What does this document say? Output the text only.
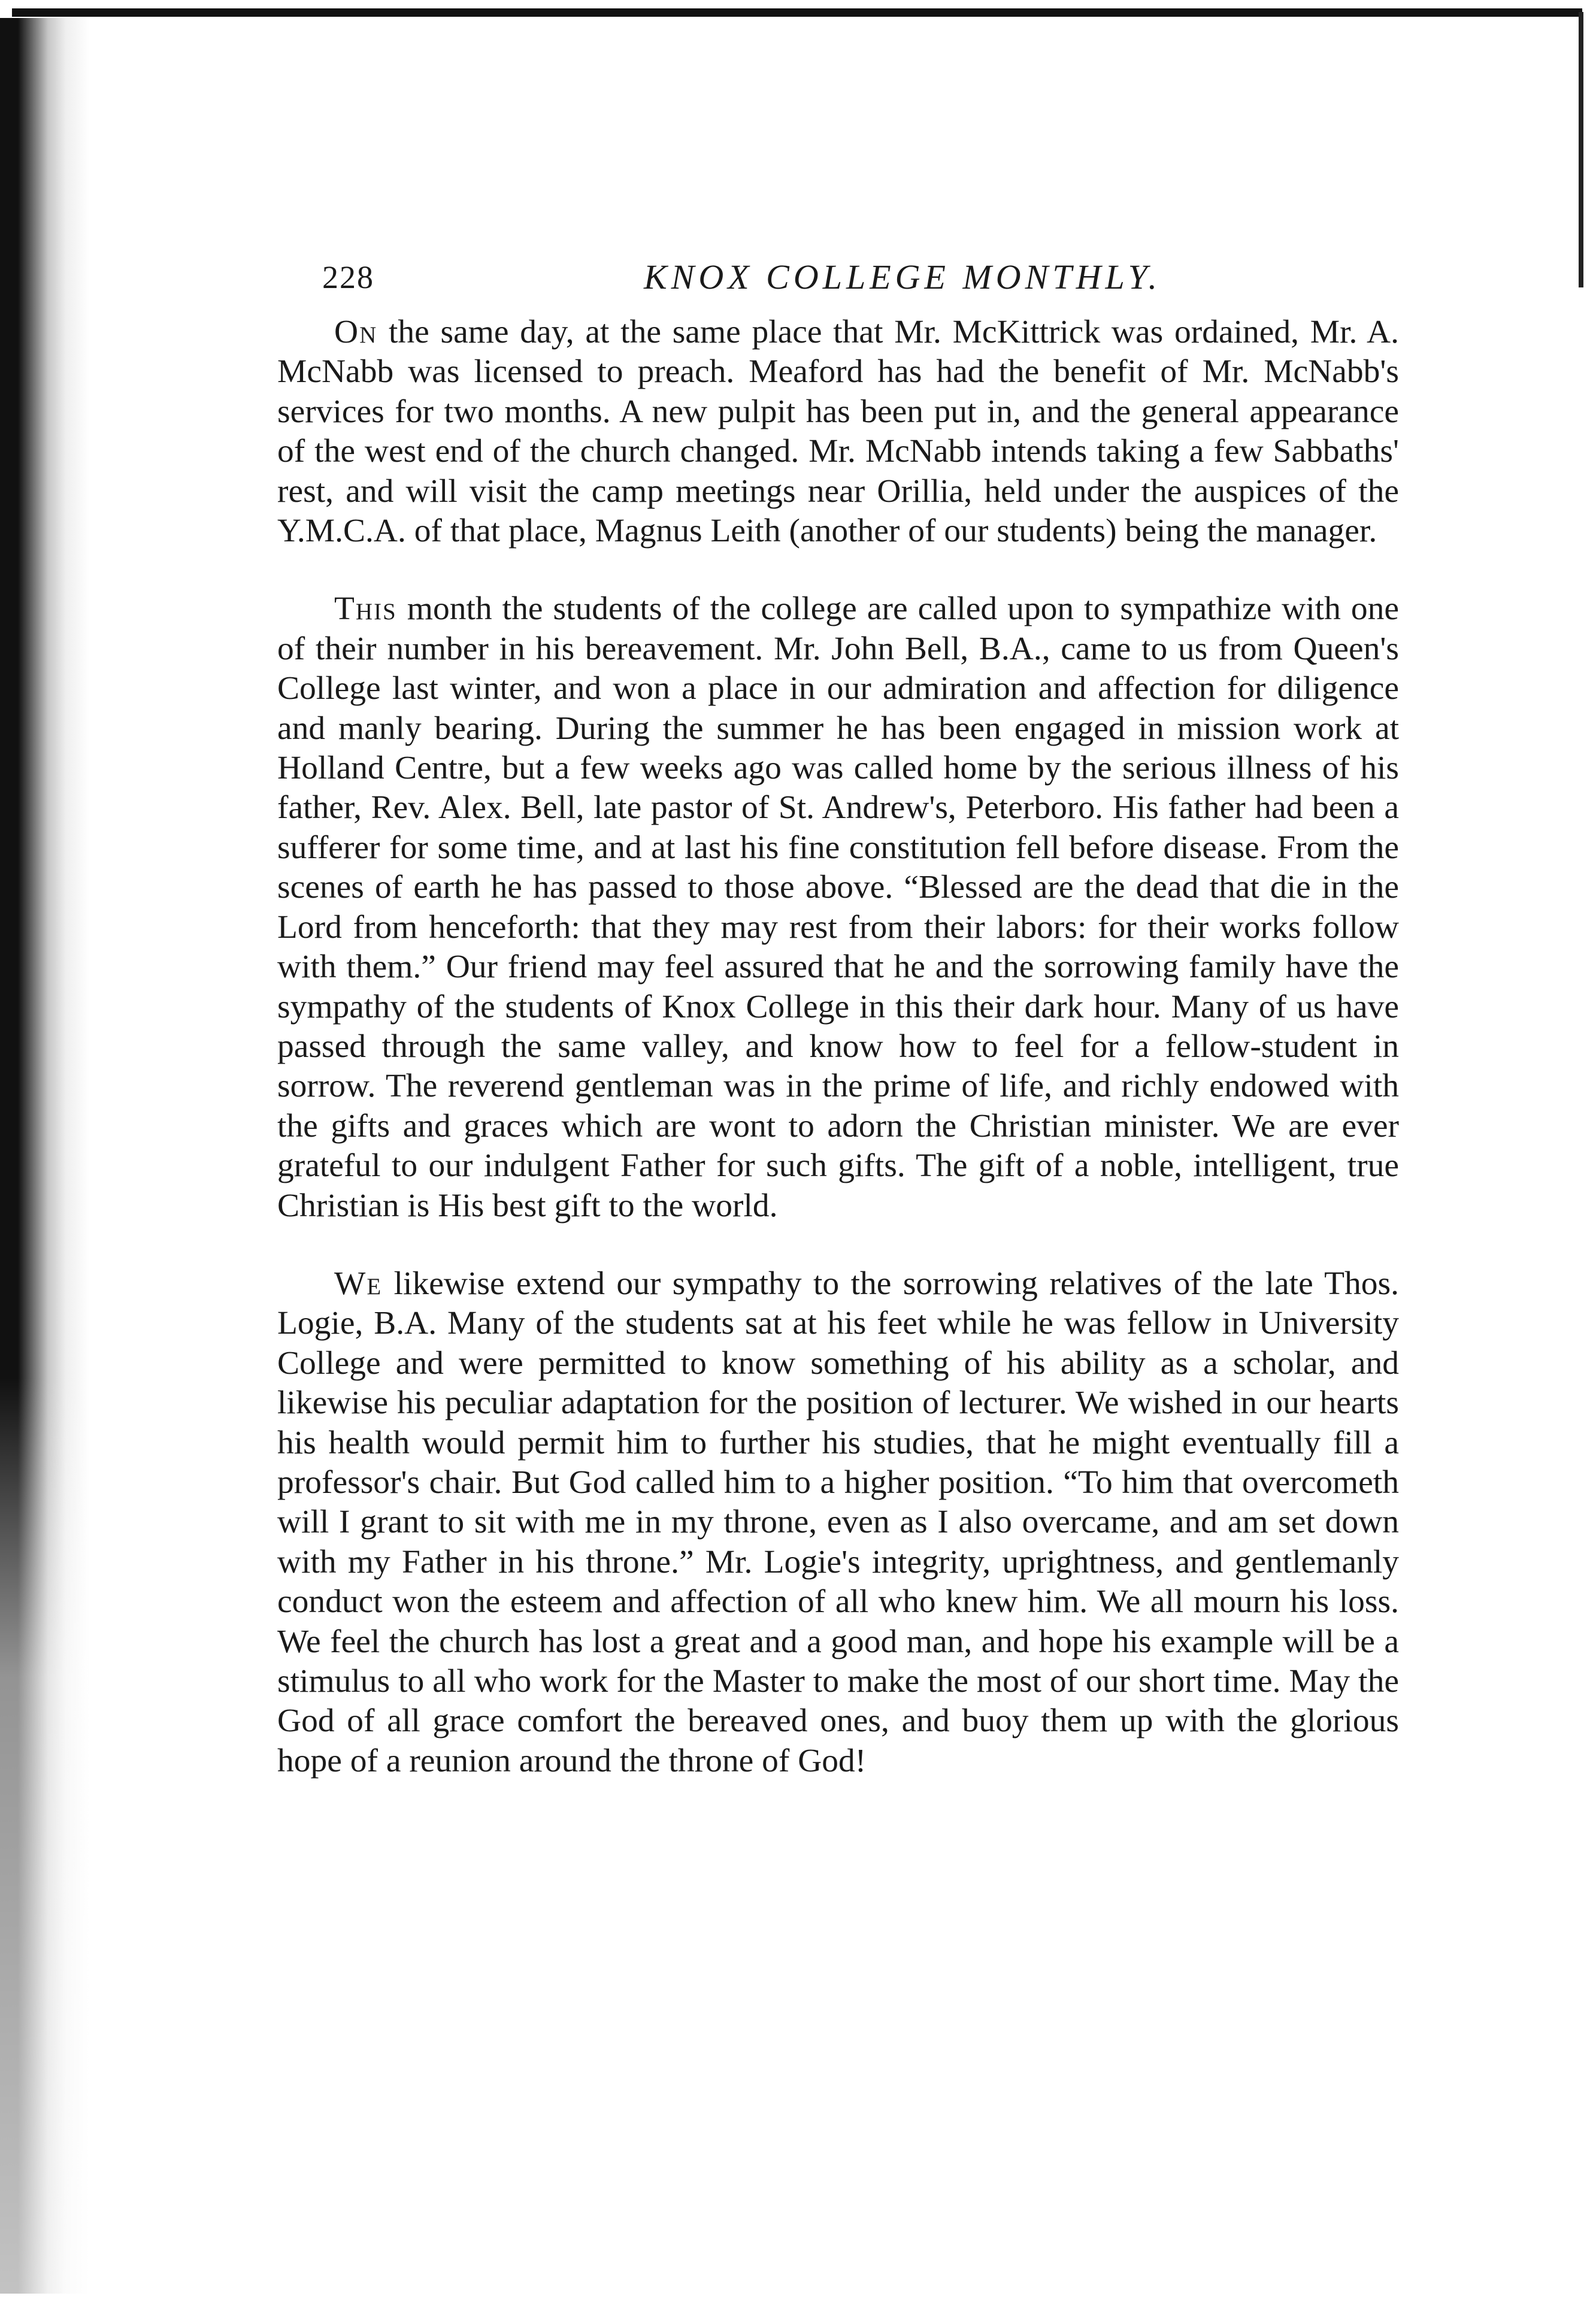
228	KNOX COLLEGE MONTHLY.

On the same day, at the same place that Mr. McKittrick was ordained, Mr. A. McNabb was licensed to preach. Meaford has had the benefit of Mr. McNabb's services for two months. A new pulpit has been put in, and the general appearance of the west end of the church changed. Mr. McNabb intends taking a few Sabbaths' rest, and will visit the camp meetings near Orillia, held under the auspices of the Y.M.C.A. of that place, Magnus Leith (another of our students) being the manager.

This month the students of the college are called upon to sympathize with one of their number in his bereavement. Mr. John Bell, B.A., came to us from Queen's College last winter, and won a place in our admiration and affection for diligence and manly bearing. During the summer he has been engaged in mission work at Holland Centre, but a few weeks ago was called home by the serious illness of his father, Rev. Alex. Bell, late pastor of St. Andrew's, Peterboro. His father had been a sufferer for some time, and at last his fine constitution fell before disease. From the scenes of earth he has passed to those above. “Blessed are the dead that die in the Lord from henceforth: that they may rest from their labors: for their works follow with them.” Our friend may feel assured that he and the sorrowing family have the sympathy of the students of Knox College in this their dark hour. Many of us have passed through the same valley, and know how to feel for a fellow-student in sorrow. The reverend gentleman was in the prime of life, and richly endowed with the gifts and graces which are wont to adorn the Christian minister. We are ever grateful to our indulgent Father for such gifts. The gift of a noble, intelligent, true Christian is His best gift to the world.

We likewise extend our sympathy to the sorrowing relatives of the late Thos. Logie, B.A. Many of the students sat at his feet while he was fellow in University College and were permitted to know something of his ability as a scholar, and likewise his peculiar adaptation for the position of lecturer. We wished in our hearts his health would permit him to further his studies, that he might eventually fill a professor's chair. But God called him to a higher position. “To him that overcometh will I grant to sit with me in my throne, even as I also overcame, and am set down with my Father in his throne.” Mr. Logie's integrity, uprightness, and gentlemanly conduct won the esteem and affection of all who knew him. We all mourn his loss. We feel the church has lost a great and a good man, and hope his example will be a stimulus to all who work for the Master to make the most of our short time. May the God of all grace comfort the bereaved ones, and buoy them up with the glorious hope of a reunion around the throne of God!
